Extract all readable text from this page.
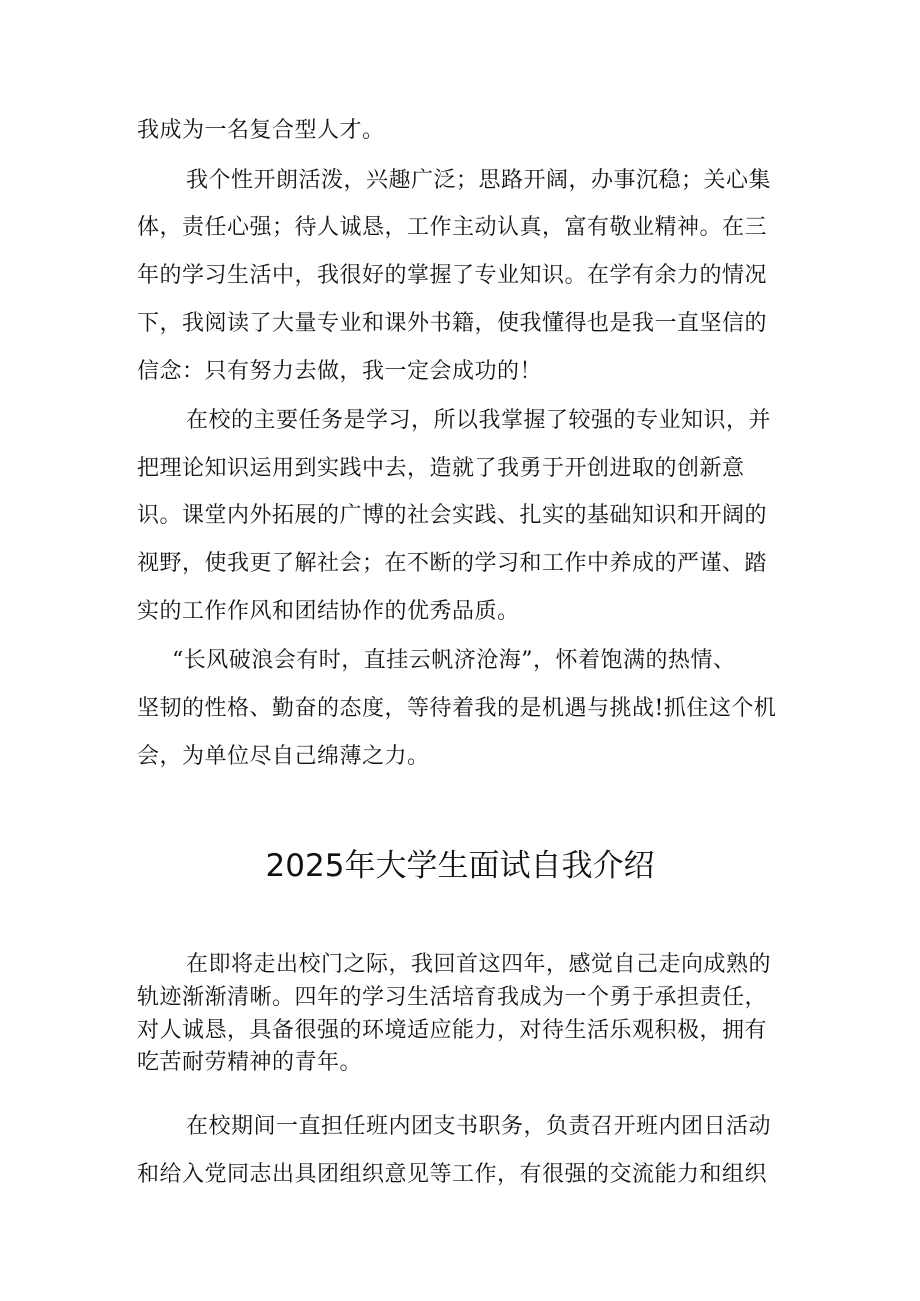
我成为一名复合型人才。
我个性开朗活泼，兴趣广泛；思路开阔，办事沉稳；关心集
体，责任心强；待人诚恳，工作主动认真，富有敬业精神。在三
年的学习生活中，我很好的掌握了专业知识。在学有余力的情况
下，我阅读了大量专业和课外书籍，使我懂得也是我一直坚信的
信念：只有努力去做，我一定会成功的！
在校的主要任务是学习，所以我掌握了较强的专业知识，并
把理论知识运用到实践中去，造就了我勇于开创进取的创新意
识。课堂内外拓展的广博的社会实践、扎实的基础知识和开阔的
视野，使我更了解社会；在不断的学习和工作中养成的严谨、踏
实的工作作风和团结协作的优秀品质。
“长风破浪会有时，直挂云帆济沧海”，怀着饱满的热情、
坚韧的性格、勤奋的态度，等待着我的是机遇与挑战!抓住这个机
会，为单位尽自己绵薄之力。
2025年大学生面试自我介绍
在即将走出校门之际，我回首这四年，感觉自己走向成熟的
轨迹渐渐清晰。四年的学习生活培育我成为一个勇于承担责任，
对人诚恳，具备很强的环境适应能力，对待生活乐观积极，拥有
吃苦耐劳精神的青年。
在校期间一直担任班内团支书职务，负责召开班内团日活动
和给入党同志出具团组织意见等工作，有很强的交流能力和组织
